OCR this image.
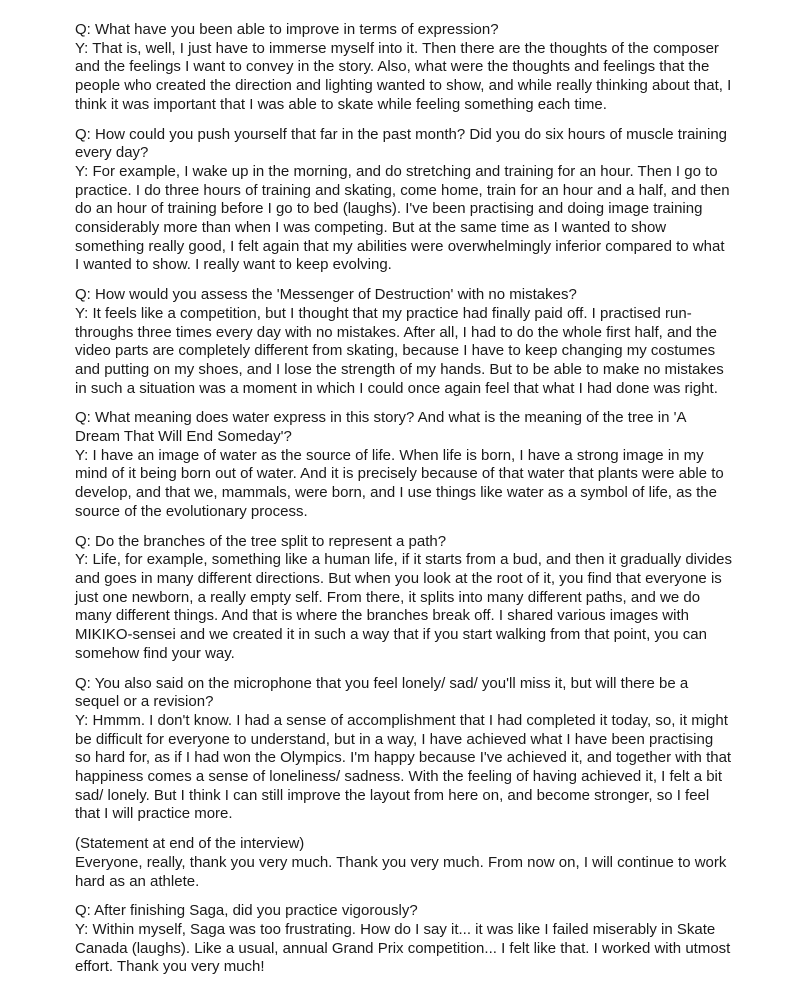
Q: What have you been able to improve in terms of expression?
Y: That is, well, I just have to immerse myself into it. Then there are the thoughts of the composer
and the feelings I want to convey in the story. Also, what were the thoughts and feelings that the
people who created the direction and lighting wanted to show, and while really thinking about that, I
think it was important that I was able to skate while feeling something each time.

Q: How could you push yourself that far in the past month? Did you do six hours of muscle training
every day?
Y: For example, I wake up in the morning, and do stretching and training for an hour. Then I go to
practice. I do three hours of training and skating, come home, train for an hour and a half, and then
do an hour of training before I go to bed (laughs). I've been practising and doing image training
considerably more than when I was competing. But at the same time as I wanted to show
something really good, I felt again that my abilities were overwhelmingly inferior compared to what
I wanted to show. I really want to keep evolving.

Q: How would you assess the 'Messenger of Destruction' with no mistakes?
Y: It feels like a competition, but I thought that my practice had finally paid off. I practised run-
throughs three times every day with no mistakes. After all, I had to do the whole first half, and the
video parts are completely different from skating, because I have to keep changing my costumes
and putting on my shoes, and I lose the strength of my hands. But to be able to make no mistakes
in such a situation was a moment in which I could once again feel that what I had done was right.

Q: What meaning does water express in this story? And what is the meaning of the tree in 'A
Dream That Will End Someday'?
Y: I have an image of water as the source of life. When life is born, I have a strong image in my
mind of it being born out of water. And it is precisely because of that water that plants were able to
develop, and that we, mammals, were born, and I use things like water as a symbol of life, as the
source of the evolutionary process.

Q: Do the branches of the tree split to represent a path?
Y: Life, for example, something like a human life, if it starts from a bud, and then it gradually divides
and goes in many different directions. But when you look at the root of it, you find that everyone is
just one newborn, a really empty self. From there, it splits into many different paths, and we do
many different things. And that is where the branches break off. I shared various images with
MIKIKO-sensei and we created it in such a way that if you start walking from that point, you can
somehow find your way.

Q: You also said on the microphone that you feel lonely/ sad/ you'll miss it, but will there be a
sequel or a revision?
Y: Hmmm. I don't know. I had a sense of accomplishment that I had completed it today, so, it might
be difficult for everyone to understand, but in a way, I have achieved what I have been practising
so hard for, as if I had won the Olympics. I'm happy because I've achieved it, and together with that
happiness comes a sense of loneliness/ sadness. With the feeling of having achieved it, I felt a bit
sad/ lonely. But I think I can still improve the layout from here on, and become stronger, so I feel
that I will practice more.

(Statement at end of the interview)
Everyone, really, thank you very much. Thank you very much. From now on, I will continue to work
hard as an athlete.

Q: After finishing Saga, did you practice vigorously?
Y: Within myself, Saga was too frustrating. How do I say it... it was like I failed miserably in Skate
Canada (laughs). Like a usual, annual Grand Prix competition... I felt like that. I worked with utmost
effort. Thank you very much!
